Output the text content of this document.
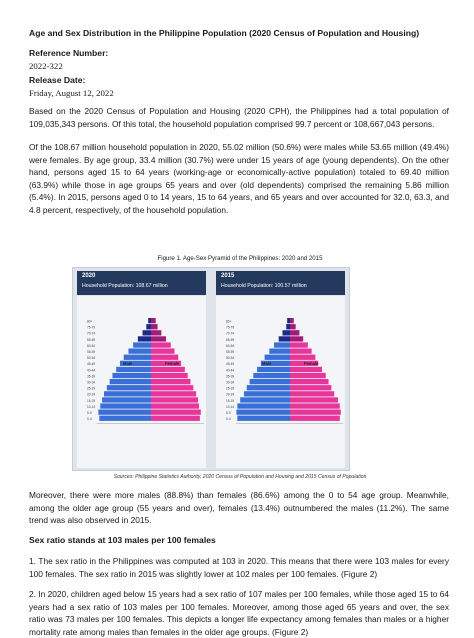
Age and Sex Distribution in the Philippine Population (2020 Census of Population and Housing)
Reference Number:
2022-322
Release Date:
Friday, August 12, 2022

Based on the 2020 Census of Population and Housing (2020 CPH), the Philippines had a total population of 109,035,343 persons. Of this total, the household population comprised 99.7 percent or 108,667,043 persons.

Of the 108.67 million household population in 2020, 55.02 million (50.6%) were males while 53.65 million (49.4%) were females. By age group, 33.4 million (30.7%) were under 15 years of age (young dependents). On the other hand, persons aged 15 to 64 years (working-age or economically-active population) totaled to 69.40 million (63.9%) while those in age groups 65 years and over (old dependents) comprised the remaining 5.86 million (5.4%). In 2015, persons aged 0 to 14 years, 15 to 64 years, and 65 years and over accounted for 32.0, 63.3, and 4.8 percent, respectively, of the household population.

Figure 1. Age-Sex Pyramid of the Philippines: 2020 and 2015
2020
Household Population: 108.67 million
2015
Household Population: 100.57 million
0-4
5-9
10-14
15-19
20-24
25-29
30-34
35-39
40-44
45-49
50-54
55-59
60-64
65-69
70-74
75-79
80+
Male	Female
0-4
5-9
10-14
15-19
20-24
25-29
30-34
35-39
40-44
45-49
50-54
55-59
60-64
65-69
70-74
75-79
80+
Male	Female
Sources: Philippine Statistics Authority, 2020 Census of Population and Housing and 2015 Census of Population

Moreover, there were more males (88.8%) than females (86.6%) among the 0 to 54 age group. Meanwhile, among the older age group (55 years and over), females (13.4%) outnumbered the males (11.2%). The same trend was also observed in 2015.

Sex ratio stands at 103 males per 100 females

1. The sex ratio in the Philippines was computed at 103 in 2020. This means that there were 103 males for every 100 females. The sex ratio in 2015 was slightly lower at 102 males per 100 females. (Figure 2)

2. In 2020, children aged below 15 years had a sex ratio of 107 males per 100 females, while those aged 15 to 64 years had a sex ratio of 103 males per 100 females. Moreover, among those aged 65 years and over, the sex ratio was 73 males per 100 females. This depicts a longer life expectancy among females than males or a higher mortality rate among males than females in the older age groups. (Figure 2)
